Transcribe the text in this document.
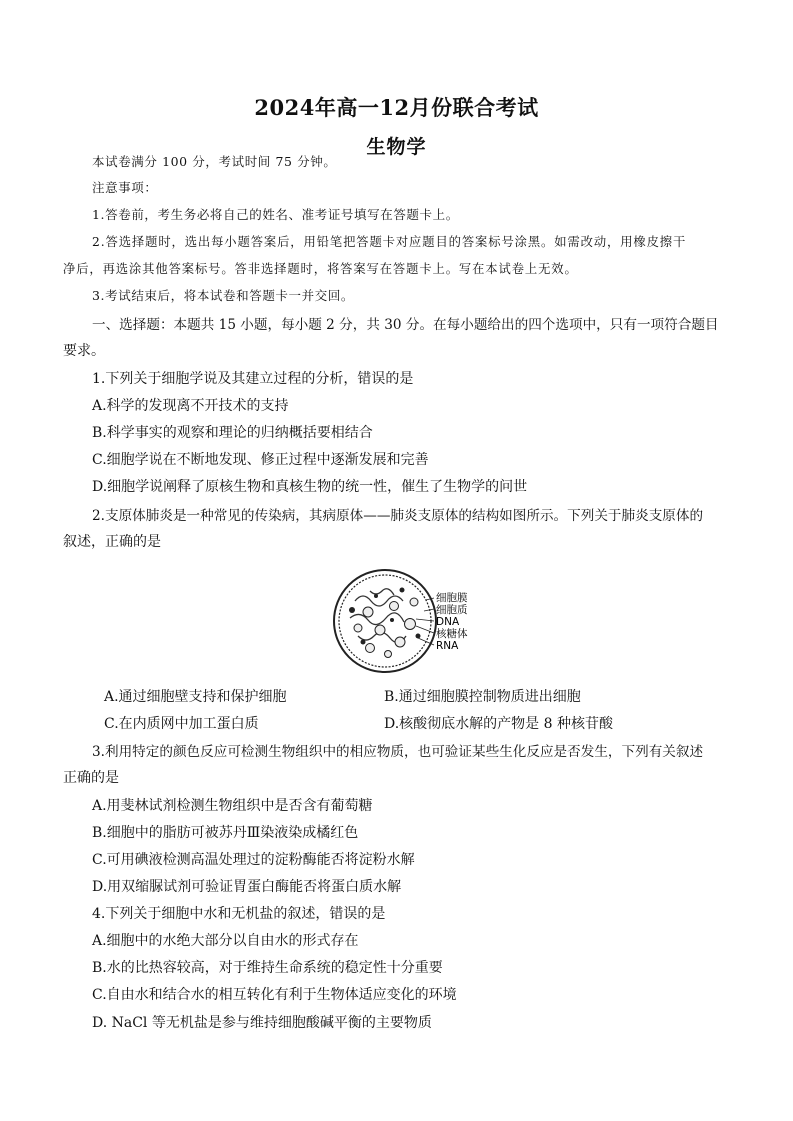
2024年高一12月份联合考试
生物学
本试卷满分 100 分，考试时间 75 分钟。
注意事项：
1.答卷前，考生务必将自己的姓名、准考证号填写在答题卡上。
2.答选择题时，选出每小题答案后，用铅笔把答题卡对应题目的答案标号涂黑。如需改动，用橡皮擦干
净后，再选涂其他答案标号。答非选择题时，将答案写在答题卡上。写在本试卷上无效。
3.考试结束后，将本试卷和答题卡一并交回。
一、选择题：本题共 15 小题，每小题 2 分，共 30 分。在每小题给出的四个选项中，只有一项符合题目
要求。
1.下列关于细胞学说及其建立过程的分析，错误的是
A.科学的发现离不开技术的支持
B.科学事实的观察和理论的归纳概括要相结合
C.细胞学说在不断地发现、修正过程中逐渐发展和完善
D.细胞学说阐释了原核生物和真核生物的统一性，催生了生物学的问世
2.支原体肺炎是一种常见的传染病，其病原体——肺炎支原体的结构如图所示。下列关于肺炎支原体的
叙述，正确的是
细胞膜
细胞质
DNA
核糖体
RNA
A.通过细胞壁支持和保护细胞	B.通过细胞膜控制物质进出细胞
C.在内质网中加工蛋白质	D.核酸彻底水解的产物是 8 种核苷酸
3.利用特定的颜色反应可检测生物组织中的相应物质，也可验证某些生化反应是否发生，下列有关叙述
正确的是
A.用斐林试剂检测生物组织中是否含有葡萄糖
B.细胞中的脂肪可被苏丹Ⅲ染液染成橘红色
C.可用碘液检测高温处理过的淀粉酶能否将淀粉水解
D.用双缩脲试剂可验证胃蛋白酶能否将蛋白质水解
4.下列关于细胞中水和无机盐的叙述，错误的是
A.细胞中的水绝大部分以自由水的形式存在
B.水的比热容较高，对于维持生命系统的稳定性十分重要
C.自由水和结合水的相互转化有利于生物体适应变化的环境
D. NaCl 等无机盐是参与维持细胞酸碱平衡的主要物质
